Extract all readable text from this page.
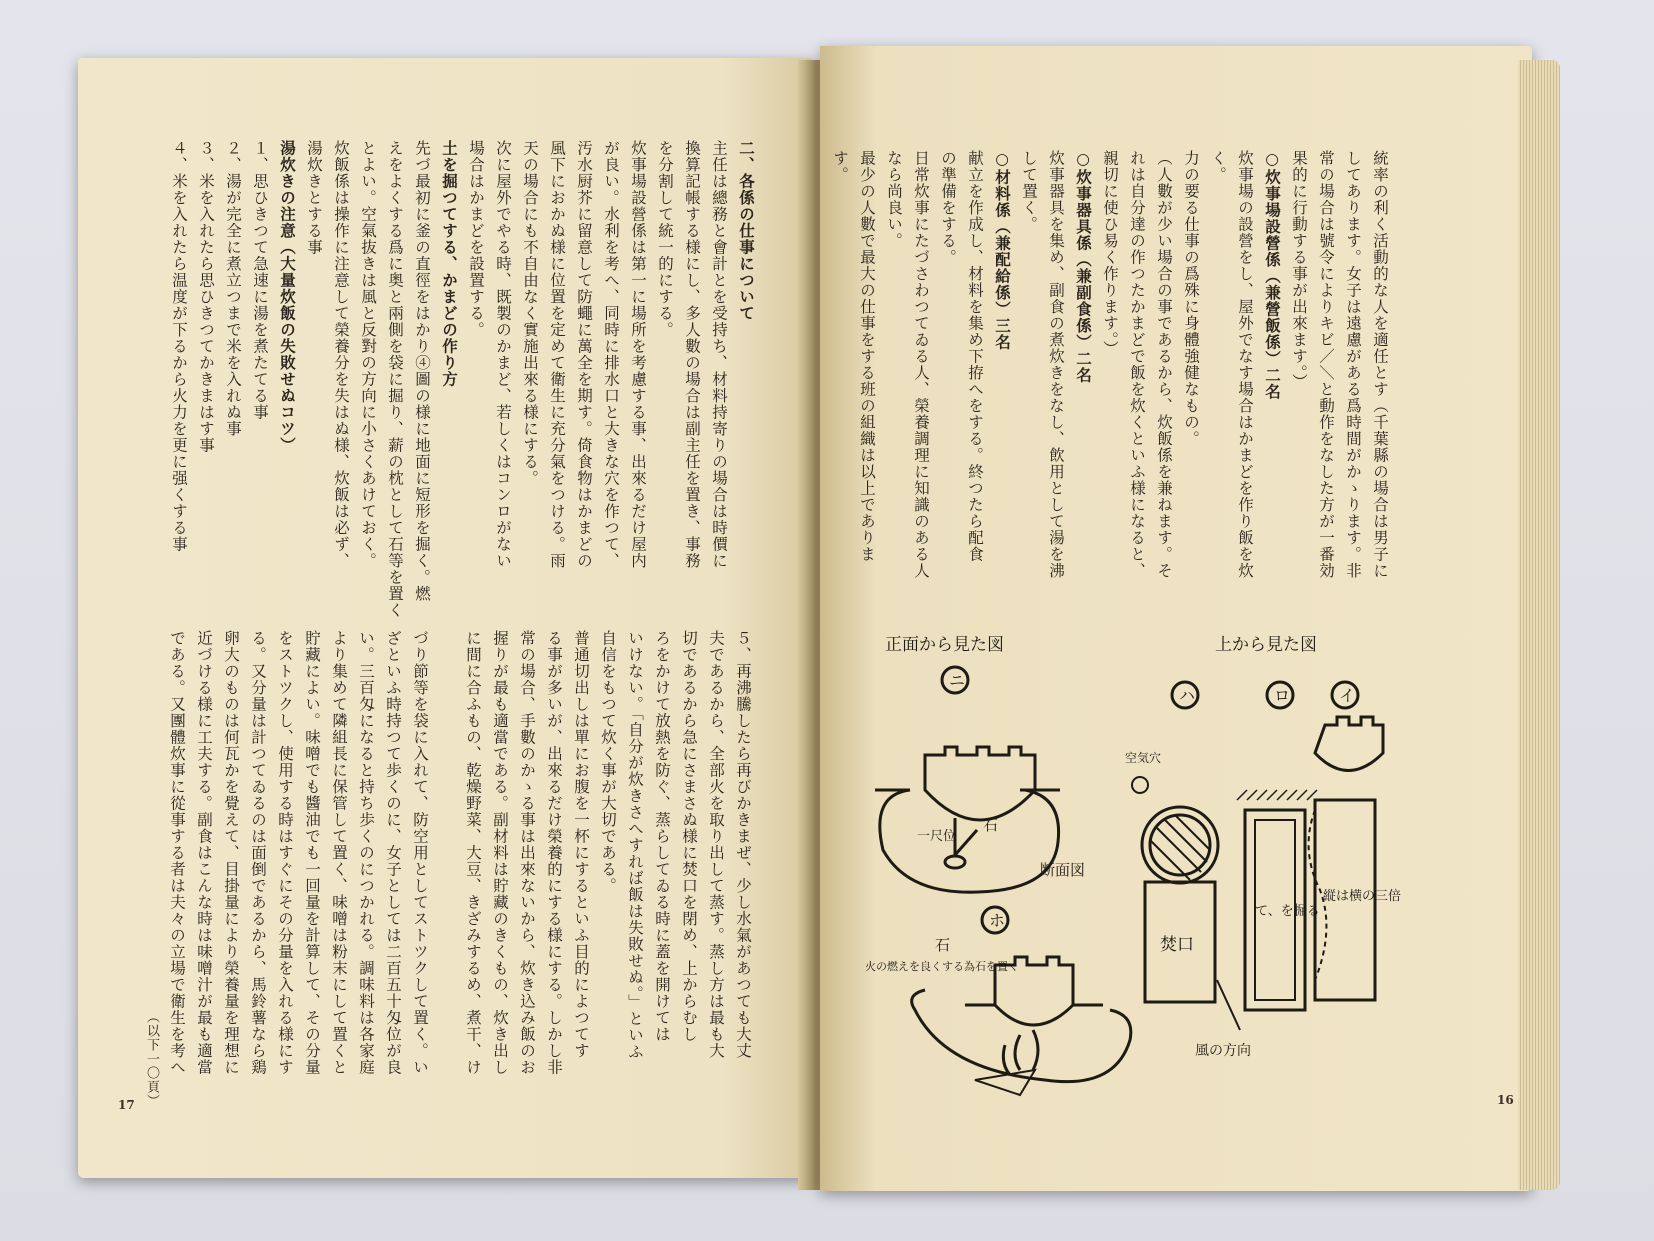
統率の利く活動的な人を適任とす（千葉縣の場合は男子に
してあります。女子は遠慮がある爲時間がかゝります。非
常の場合は號令によりキビ／＼と動作をなした方が一番効
果的に行動する事が出來ます。）
○炊事場設營係（兼營飯係）二名
炊事場の設營をし、屋外でなす場合はかまどを作り飯を炊
く。
力の要る仕事の爲殊に身體強健なもの。
（人數が少い場合の事であるから、炊飯係を兼ねます。そ
れは自分達の作つたかまどで飯を炊くといふ様になると、
親切に使ひ易く作ります。）
○炊事器具係（兼副食係）二名
炊事器具を集め、副食の煮炊きをなし、飲用として湯を沸
して置く。
○材料係（兼配給係）三名
献立を作成し、材料を集め下拵へをする。終つたら配食
の準備をする。
日常炊事にたづさわつてゐる人、榮養調理に知識のある人
なら尚良い。
最少の人數で最大の仕事をする班の組織は以上でありま
す。

５、再沸騰したら再びかきまぜ、少し水氣があつても大丈
夫であるから、全部火を取り出して蒸す。蒸し方は最も大
切であるから急にさまさぬ様に焚口を閉め、上からむし
ろをかけて放熱を防ぐ、蒸らしてゐる時に蓋を開けては
いけない。「自分が炊きさへすれば飯は失敗せぬ。」といふ
自信をもつて炊く事が大切である。
普通切出しは單にお腹を一杯にするといふ目的によつてす
る事が多いが、出來るだけ榮養的にする様にする。しかし非
常の場合、手數のかゝる事は出來ないから、炊き込み飯のお
握りが最も適當である。副材料は貯藏のきくもの、炊き出し
に間に合ふもの、乾燥野菜、大豆、きざみするめ、煮干、け

二、各係の仕事について
主任は總務と會計とを受持ち、材料持寄りの場合は時價に
換算記帳する様にし、多人數の場合は副主任を置き、事務
を分割して統一的にする。
炊事場設營係は第一に場所を考慮する事、出來るだけ屋内
が良い。水利を考へ、同時に排水口と大きな穴を作つて、
汚水厨芥に留意して防蠅に萬全を期す。倚食物はかまどの
風下におかぬ様に位置を定めて衛生に充分氣をつける。雨
天の場合にも不自由なく實施出來る様にする。
次に屋外でやる時、既製のかまど、若しくはコンロがない
場合はかまどを設置する。
土を掘つてする、かまどの作り方
先づ最初に釜の直徑をはかり④圖の様に地面に短形を掘く。燃
えをよくする爲に奥と兩側を袋に掘り、薪の枕として石等を置く
とよい。空氣抜きは風と反對の方向に小さくあけておく。
炊飯係は操作に注意して榮養分を失はぬ様、炊飯は必ず、
湯炊きとする事
湯炊きの注意（大量炊飯の失敗せぬコツ）
１、思ひきつて急速に湯を煮たてる事
２、湯が完全に煮立つまで米を入れぬ事
３、米を入れたら思ひきつてかきまはす事
４、米を入れたら温度が下るから火力を更に强くする事

づり節等を袋に入れて、防空用としてストツクして置く。い
ざといふ時持つて歩くのに、女子としては二百五十匁位が良
い。三百匁になると持ち歩くのにつかれる。調味料は各家庭
より集めて隣組長に保管して置く、味噌は粉末にして置くと
貯藏によい。味噌でも醬油でも一回量を計算して、その分量
をストツクし、使用する時はすぐにその分量を入れる様にす
る。又分量は計つてゐるのは面倒であるから、馬鈴薯なら鶏
卵大のものは何瓦かを覺えて、目掛量により榮養量を理想に
近づける様に工夫する。副食はこんな時は味噌汁が最も適當
である。又團體炊事に從事する者は夫々の立場で衛生を考へ

（以下一〇頁）
17	16
正面から見た図	上から見た図
ニ
ハ	ロ	イ
ホ
石
一尺位
断面図
空気穴
焚口
て、を掘る
縦は横の三倍
風の方向
火の燃えを良くする為石を置く
石
